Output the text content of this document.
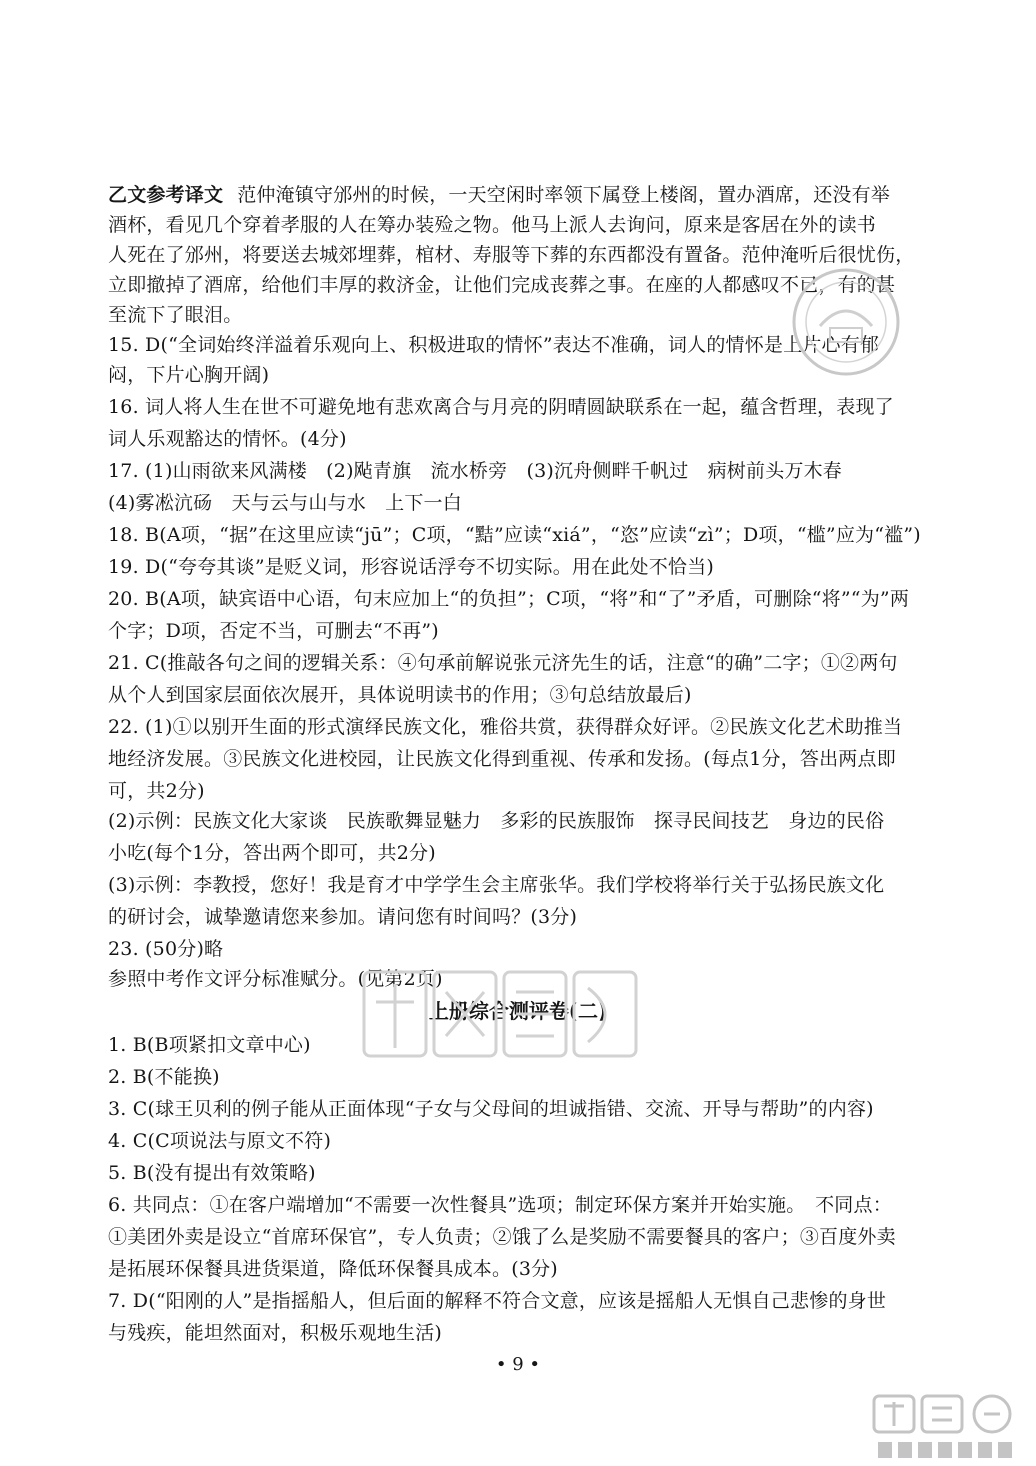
乙文参考译文 范仲淹镇守邠州的时候，一天空闲时率领下属登上楼阁，置办酒席，还没有举
酒杯，看见几个穿着孝服的人在筹办装殓之物。他马上派人去询问，原来是客居在外的读书
人死在了邠州，将要送去城郊埋葬，棺材、寿服等下葬的东西都没有置备。范仲淹听后很忧伤，
立即撤掉了酒席，给他们丰厚的救济金，让他们完成丧葬之事。在座的人都感叹不已，有的甚
至流下了眼泪。
15. D(“全词始终洋溢着乐观向上、积极进取的情怀”表达不准确，词人的情怀是上片心有郁
闷，下片心胸开阔)
16. 词人将人生在世不可避免地有悲欢离合与月亮的阴晴圆缺联系在一起，蕴含哲理，表现了
词人乐观豁达的情怀。(4分)
17. (1)山雨欲来风满楼　(2)飐青旗　流水桥旁　(3)沉舟侧畔千帆过　病树前头万木春
(4)雾凇沆砀　天与云与山与水　上下一白
18. B(A项，“据”在这里应读“jū”；C项，“黠”应读“xiá”，“恣”应读“zì”；D项，“槛”应为“褴”)
19. D(“夸夸其谈”是贬义词，形容说话浮夸不切实际。用在此处不恰当)
20. B(A项，缺宾语中心语，句末应加上“的负担”；C项，“将”和“了”矛盾，可删除“将”“为”两
个字；D项，否定不当，可删去“不再”)
21. C(推敲各句之间的逻辑关系：④句承前解说张元济先生的话，注意“的确”二字；①②两句
从个人到国家层面依次展开，具体说明读书的作用；③句总结放最后)
22. (1)①以别开生面的形式演绎民族文化，雅俗共赏，获得群众好评。②民族文化艺术助推当
地经济发展。③民族文化进校园，让民族文化得到重视、传承和发扬。(每点1分，答出两点即
可，共2分)
(2)示例：民族文化大家谈　民族歌舞显魅力　多彩的民族服饰　探寻民间技艺　身边的民俗
小吃(每个1分，答出两个即可，共2分)
(3)示例：李教授，您好！我是育才中学学生会主席张华。我们学校将举行关于弘扬民族文化
的研讨会，诚挚邀请您来参加。请问您有时间吗？(3分)
23. (50分)略
参照中考作文评分标准赋分。(见第2页)
上册综合测评卷(二)
1. B(B项紧扣文章中心)
2. B(不能换)
3. C(球王贝利的例子能从正面体现“子女与父母间的坦诚指错、交流、开导与帮助”的内容)
4. C(C项说法与原文不符)
5. B(没有提出有效策略)
6. 共同点：①在客户端增加“不需要一次性餐具”选项；制定环保方案并开始实施。　不同点：
①美团外卖是设立“首席环保官”，专人负责；②饿了么是奖励不需要餐具的客户；③百度外卖
是拓展环保餐具进货渠道，降低环保餐具成本。(3分)
7. D(“阳刚的人”是指摇船人，但后面的解释不符合文意，应该是摇船人无惧自己悲惨的身世
与残疾，能坦然面对，积极乐观地生活)
• 9 •
